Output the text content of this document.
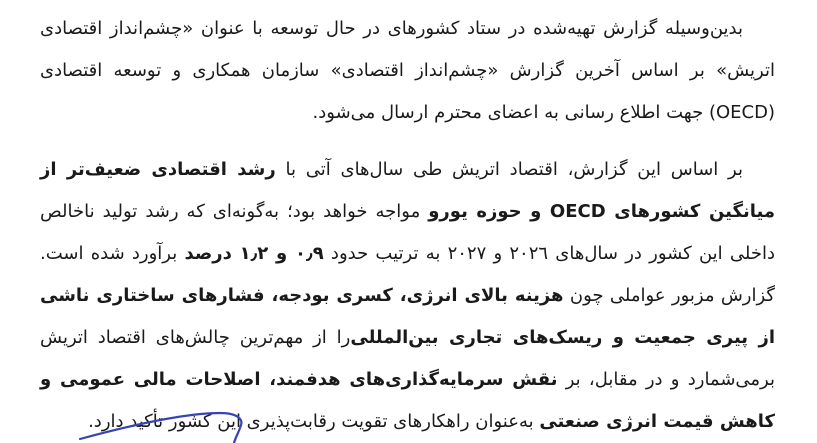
بدین‌وسیله گزارش تهیه‌شده در ستاد کشورهای در حال توسعه با عنوان «چشم‌انداز اقتصادی اتریش» بر اساس آخرین گزارش «چشم‌انداز اقتصادی» سازمان همکاری و توسعه اقتصادی (OECD) جهت اطلاع رسانی به اعضای محترم ارسال می‌شود.

بر اساس این گزارش، اقتصاد اتریش طی سال‌های آتی با رشد اقتصادی ضعیف‌تر از میانگین کشورهای OECD و حوزه یورو مواجه خواهد بود؛ به‌گونه‌ای که رشد تولید ناخالص داخلی این کشور در سال‌های ٢٠٢٦ و ٢٠٢٧ به ترتیب حدود ٠٫٩ و ١٫٢ درصد برآورد شده است. گزارش مزبور عواملی چون هزینه بالای انرژی، کسری بودجه، فشارهای ساختاری ناشی از پیری جمعیت و ریسک‌های تجاری بین‌المللی‌را از مهم‌ترین چالش‌های اقتصاد اتریش برمی‌شمارد و در مقابل، بر نقش سرمایه‌گذاری‌های هدفمند، اصلاحات مالی عمومی و کاهش قیمت انرژی صنعتی به‌عنوان راهکارهای تقویت رقابت‌پذیری این کشور تأکید دارد.
